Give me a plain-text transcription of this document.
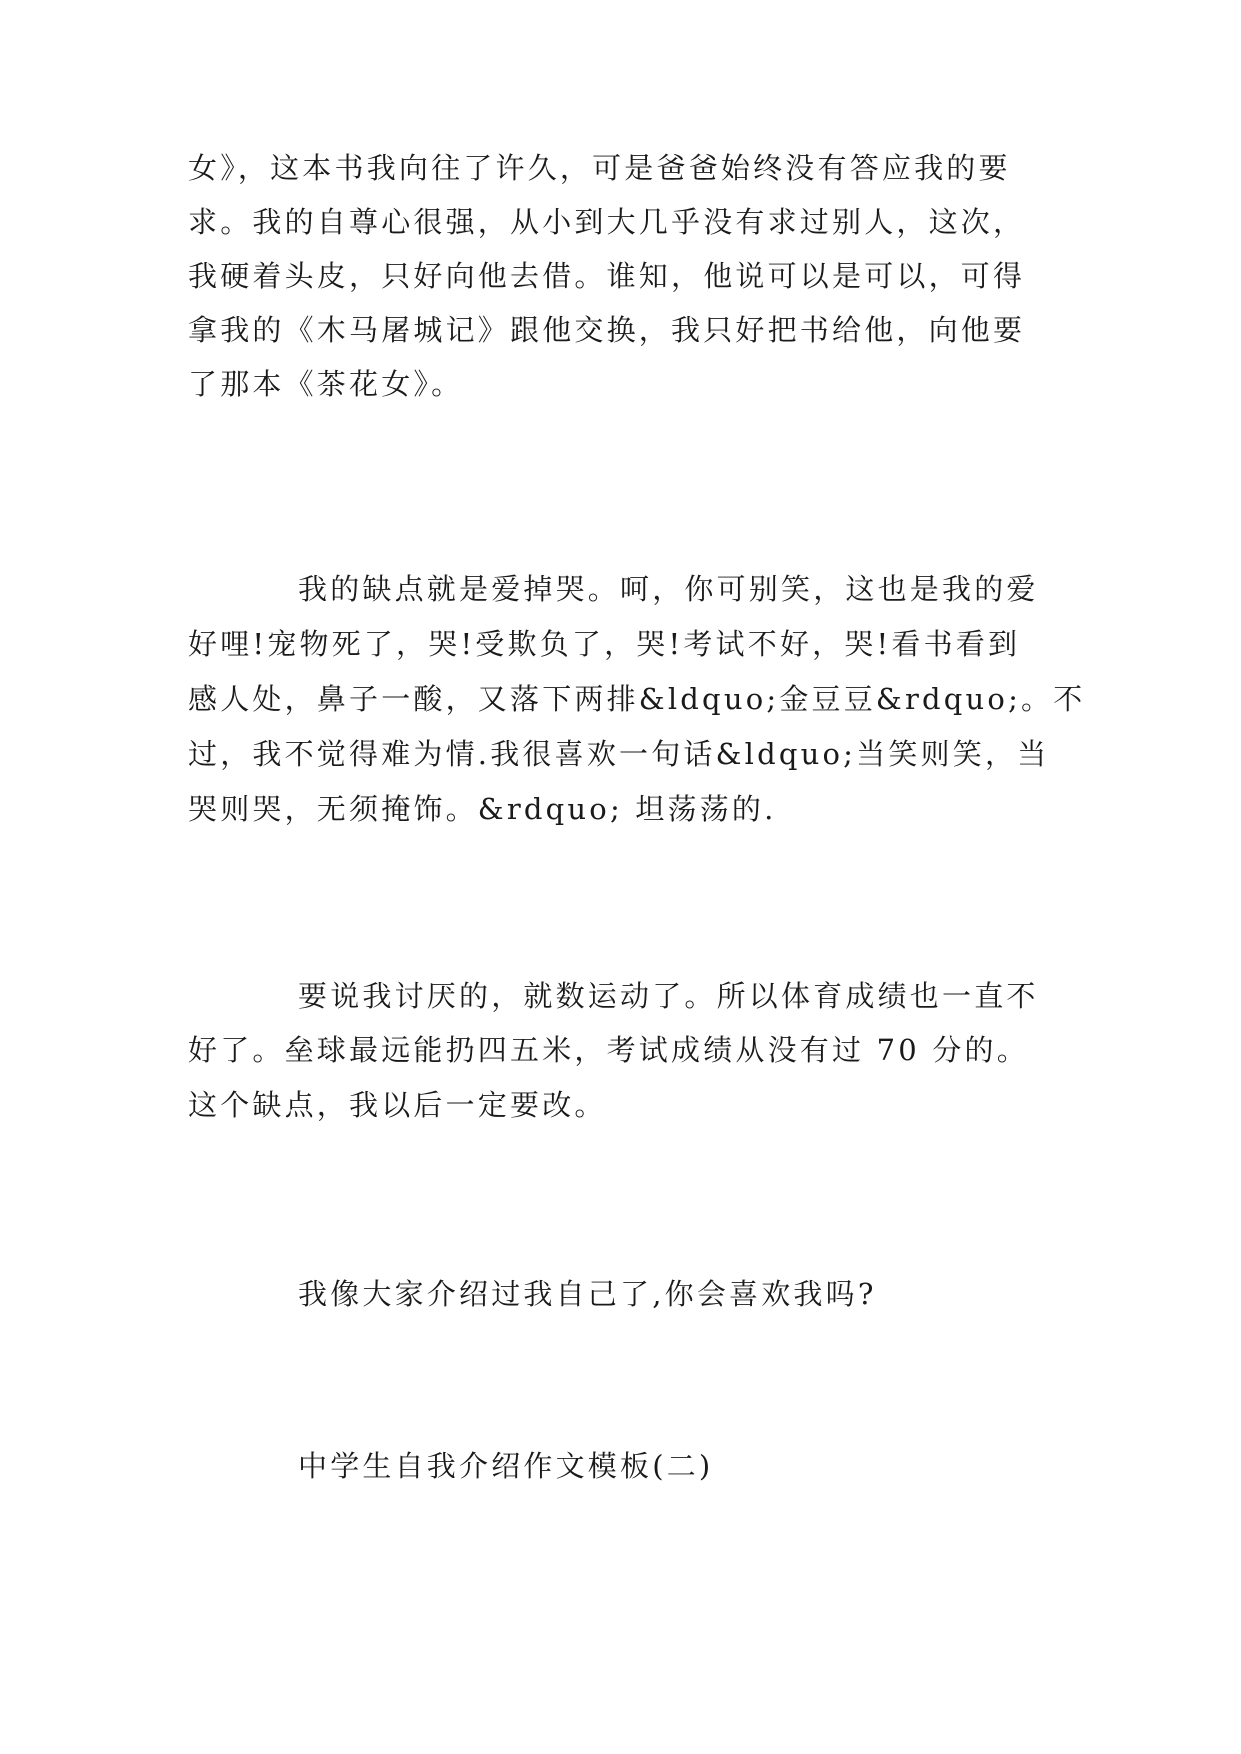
女》，这本书我向往了许久，可是爸爸始终没有答应我的要
求。我的自尊心很强，从小到大几乎没有求过别人，这次，
我硬着头皮，只好向他去借。谁知，他说可以是可以，可得
拿我的《木马屠城记》跟他交换，我只好把书给他，向他要
了那本《茶花女》。
我的缺点就是爱掉哭。呵，你可别笑，这也是我的爱
好哩!宠物死了，哭!受欺负了，哭!考试不好，哭!看书看到
感人处，鼻子一酸，又落下两排&ldquo;金豆豆&rdquo;。不
过，我不觉得难为情.我很喜欢一句话&ldquo;当笑则笑，当
哭则哭，无须掩饰。&rdquo; 坦荡荡的.
要说我讨厌的，就数运动了。所以体育成绩也一直不
好了。垒球最远能扔四五米，考试成绩从没有过 70 分的。
这个缺点，我以后一定要改。
我像大家介绍过我自己了,你会喜欢我吗?
中学生自我介绍作文模板(二)
